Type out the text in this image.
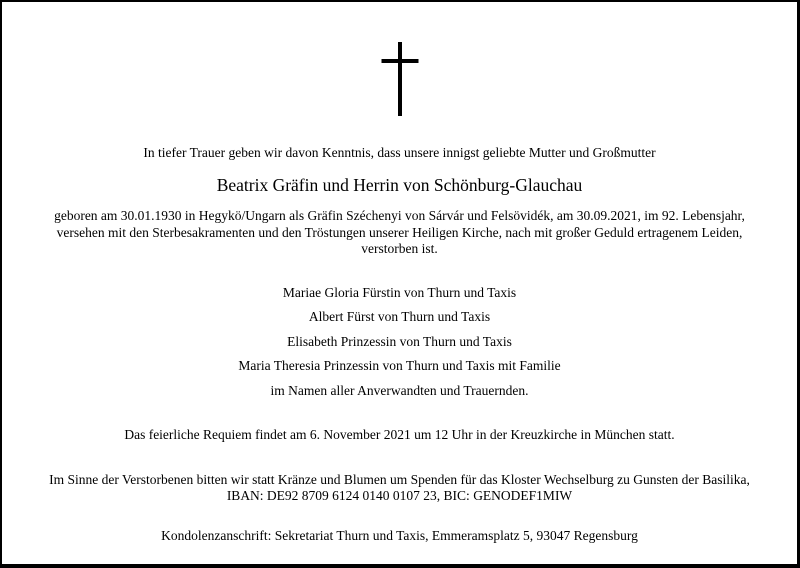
In tiefer Trauer geben wir davon Kenntnis, dass unsere innigst geliebte Mutter und Großmutter
Beatrix Gräfin und Herrin von Schönburg-Glauchau
geboren am 30.01.1930 in Hegykö/Ungarn als Gräfin Széchenyi von Sárvár und Felsövidék, am 30.09.2021, im 92. Lebensjahr, versehen mit den Sterbesakramenten und den Tröstungen unserer Heiligen Kirche, nach mit großer Geduld ertragenem Leiden, verstorben ist.
Mariae Gloria Fürstin von Thurn und Taxis
Albert Fürst von Thurn und Taxis
Elisabeth Prinzessin von Thurn und Taxis
Maria Theresia Prinzessin von Thurn und Taxis mit Familie
im Namen aller Anverwandten und Trauernden.
Das feierliche Requiem findet am 6. November 2021 um 12 Uhr in der Kreuzkirche in München statt.
Im Sinne der Verstorbenen bitten wir statt Kränze und Blumen um Spenden für das Kloster Wechselburg zu Gunsten der Basilika,
IBAN: DE92 8709 6124 0140 0107 23, BIC: GENODEF1MIW
Kondolenzanschrift: Sekretariat Thurn und Taxis, Emmeramsplatz 5, 93047 Regensburg
